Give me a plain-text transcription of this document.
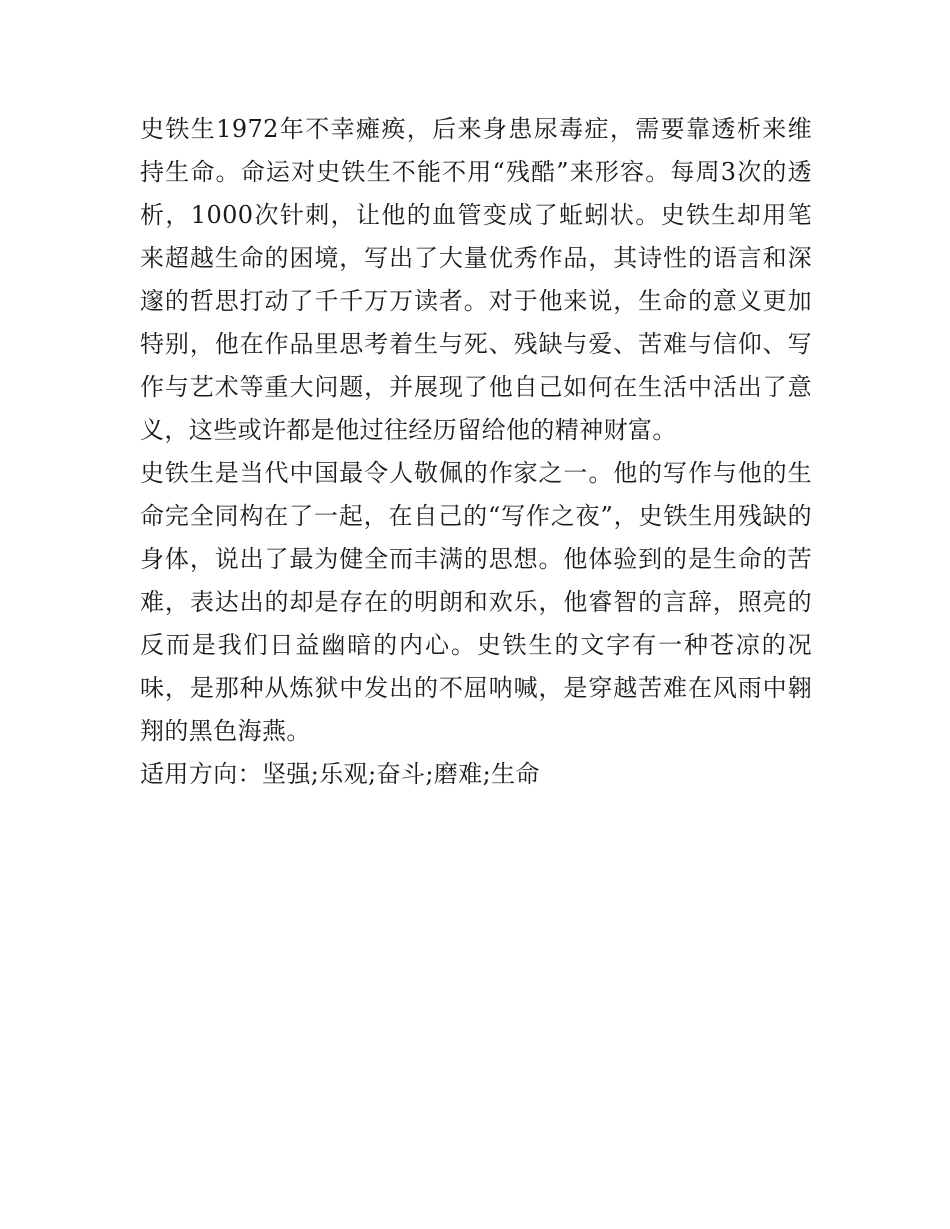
史铁生1972年不幸瘫痪，后来身患尿毒症，需要靠透析来维持生命。命运对史铁生不能不用“残酷”来形容。每周3次的透析，1000次针刺，让他的血管变成了蚯蚓状。史铁生却用笔来超越生命的困境，写出了大量优秀作品，其诗性的语言和深邃的哲思打动了千千万万读者。对于他来说，生命的意义更加特别，他在作品里思考着生与死、残缺与爱、苦难与信仰、写作与艺术等重大问题，并展现了他自己如何在生活中活出了意义，这些或许都是他过往经历留给他的精神财富。

史铁生是当代中国最令人敬佩的作家之一。他的写作与他的生命完全同构在了一起，在自己的“写作之夜”，史铁生用残缺的身体，说出了最为健全而丰满的思想。他体验到的是生命的苦难，表达出的却是存在的明朗和欢乐，他睿智的言辞，照亮的反而是我们日益幽暗的内心。史铁生的文字有一种苍凉的况味，是那种从炼狱中发出的不屈呐喊，是穿越苦难在风雨中翱翔的黑色海燕。

适用方向：坚强;乐观;奋斗;磨难;生命
